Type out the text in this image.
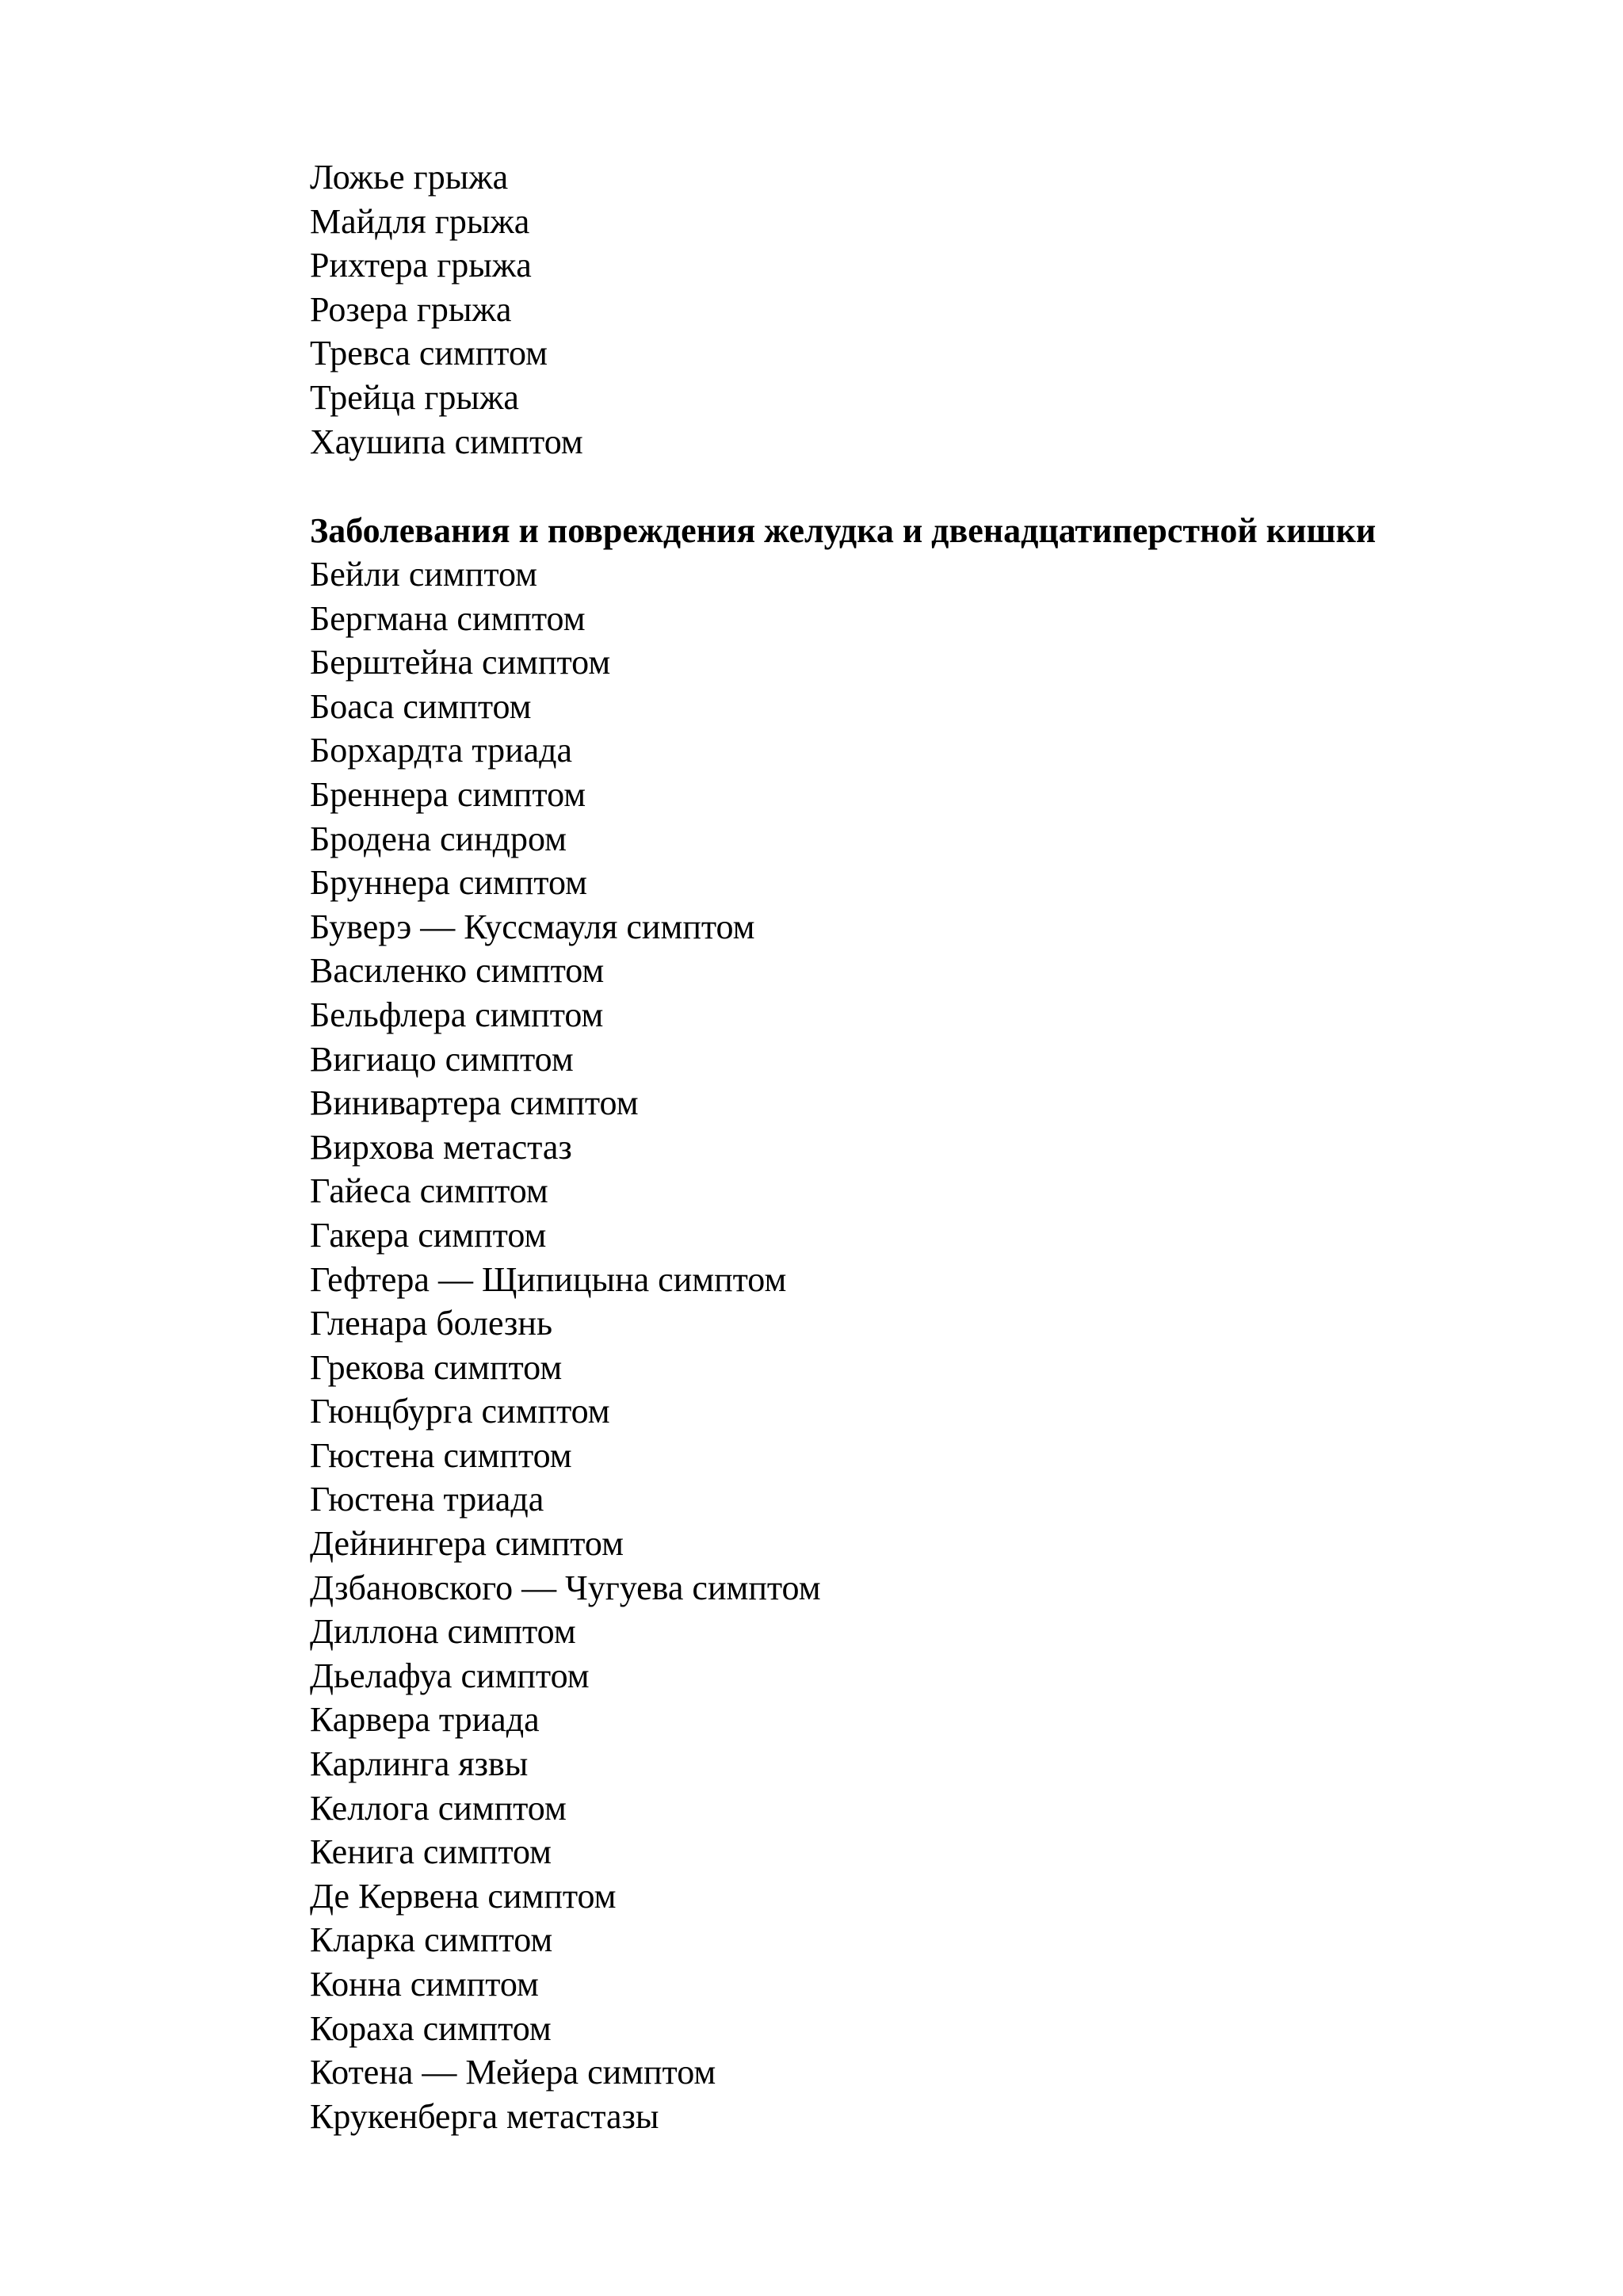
Ложье грыжа
Майдля грыжа
Рихтера грыжа
Розера грыжа
Тревса симптом
Трейца грыжа
Хаушипа симптом
Заболевания и повреждения желудка и двенадцатиперстной кишки
Бейли симптом
Бергмана симптом
Берштейна симптом
Боаса симптом
Борхардта триада
Бреннера симптом
Бродена синдром
Бруннера симптом
Буверэ — Куссмауля симптом
Василенко симптом
Бельфлера симптом
Вигиацо симптом
Винивартера симптом
Вирхова метастаз
Гайеса симптом
Гакера симптом
Гефтера — Щипицына симптом
Гленара болезнь
Грекова симптом
Гюнцбурга симптом
Гюстена симптом
Гюстена триада
Дейнингера симптом
Дзбановского — Чугуева симптом
Диллона симптом
Дьелафуа симптом
Карвера триада
Карлинга язвы
Келлога симптом
Кенига симптом
Де Кервена симптом
Кларка симптом
Конна симптом
Кораха симптом
Котена — Мейера симптом
Крукенберга метастазы
